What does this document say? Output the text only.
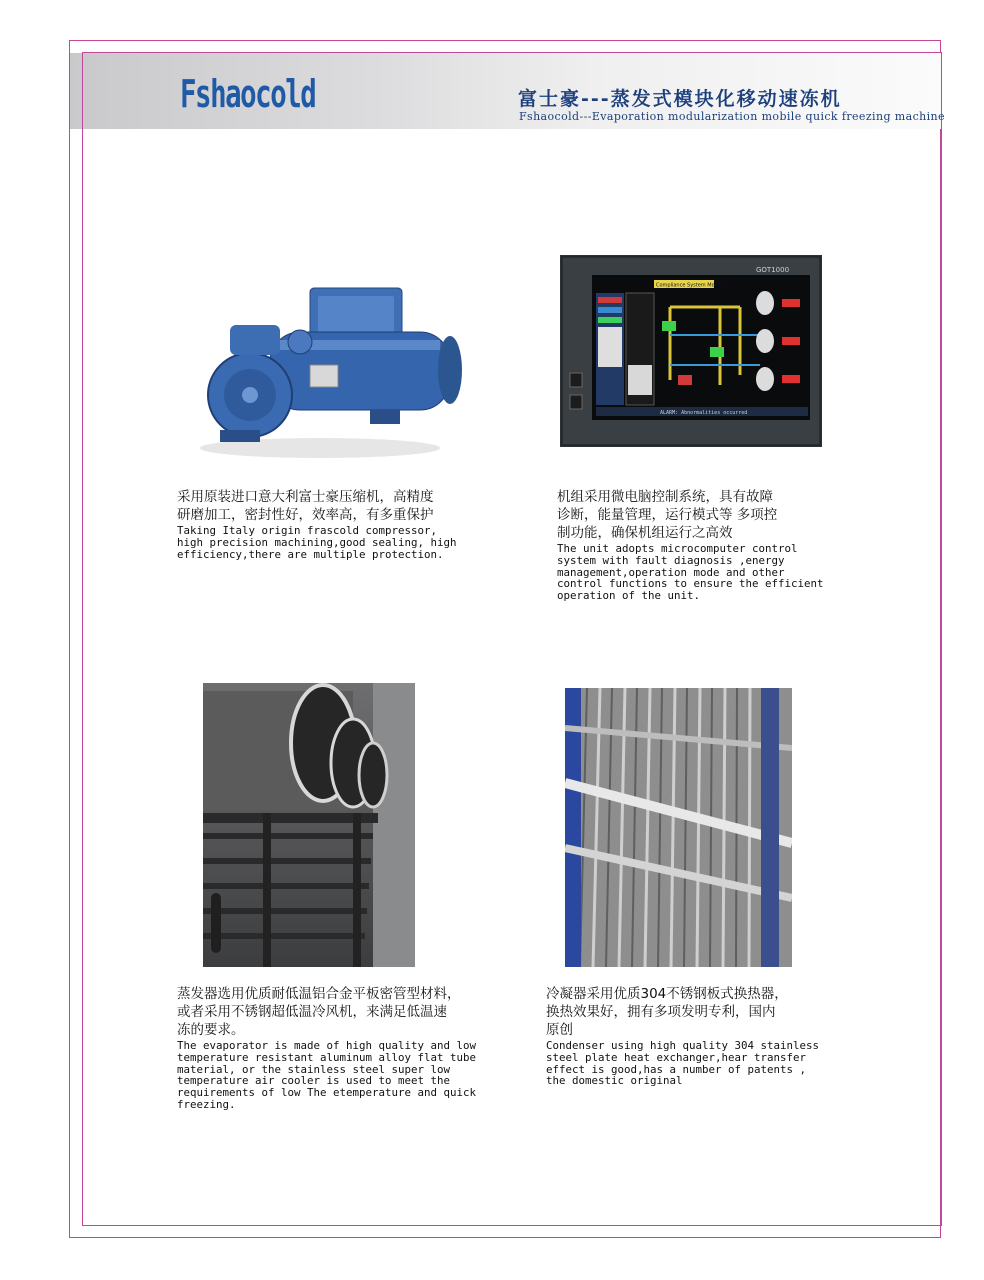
Fshaocold	富士豪---蒸发式模块化移动速冻机
Fshaocold---Evaporation modularization mobile quick freezing machine
采用原装进口意大利富士豪压缩机，高精度
研磨加工，密封性好，效率高，有多重保护
Taking Italy origin frascold compressor,
high precision machining,good sealing, high
efficiency,there are multiple protection.
GOT1000
Compliance System Monitor
ALARM: Abnormalities occurred
机组采用微电脑控制系统，具有故障
诊断，能量管理，运行模式等 多项控
制功能，确保机组运行之高效
The unit adopts microcomputer control
system with fault diagnosis ,energy
management,operation mode and other
control functions to ensure the efficient
operation of the unit.
蒸发器选用优质耐低温铝合金平板密管型材料，
或者采用不锈钢超低温冷风机，来满足低温速
冻的要求。
The evaporator is made of high quality and low
temperature resistant aluminum alloy flat tube
material, or the stainless steel super low
temperature air cooler is used to meet the
requirements of low The etemperature and quick
freezing.
冷凝器采用优质304不锈钢板式换热器，
换热效果好，拥有多项发明专利，国内
原创
Condenser using high quality 304 stainless
steel plate heat exchanger,hear transfer
effect is good,has a number of patents ,
the domestic original
